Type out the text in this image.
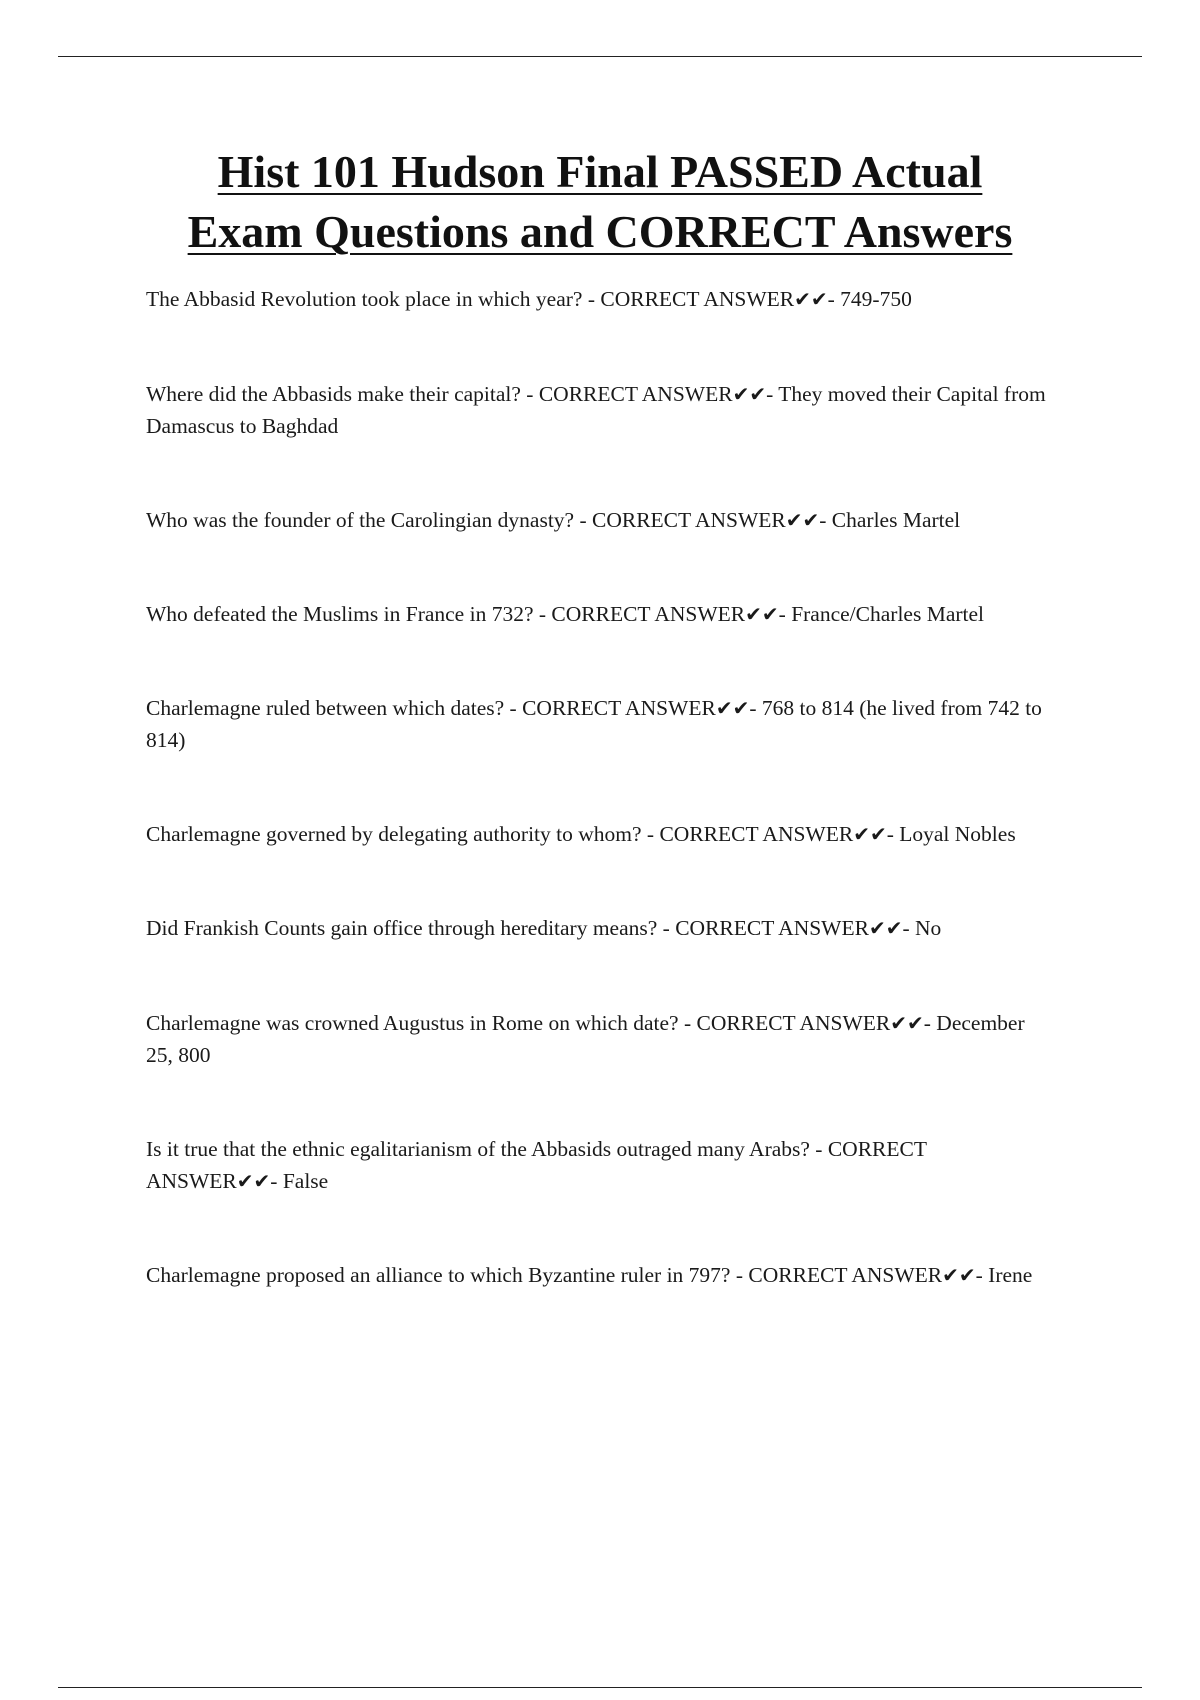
Hist 101 Hudson Final PASSED Actual
Exam Questions and CORRECT Answers
The Abbasid Revolution took place in which year? - CORRECT ANSWER✔✔- 749-750
Where did the Abbasids make their capital? - CORRECT ANSWER✔✔- They moved their Capital from Damascus to Baghdad
Who was the founder of the Carolingian dynasty? - CORRECT ANSWER✔✔- Charles Martel
Who defeated the Muslims in France in 732? - CORRECT ANSWER✔✔- France/Charles Martel
Charlemagne ruled between which dates? - CORRECT ANSWER✔✔- 768 to 814 (he lived from 742 to 814)
Charlemagne governed by delegating authority to whom? - CORRECT ANSWER✔✔- Loyal Nobles
Did Frankish Counts gain office through hereditary means? - CORRECT ANSWER✔✔- No
Charlemagne was crowned Augustus in Rome on which date? - CORRECT ANSWER✔✔- December 25, 800
Is it true that the ethnic egalitarianism of the Abbasids outraged many Arabs? - CORRECT ANSWER✔✔- False
Charlemagne proposed an alliance to which Byzantine ruler in 797? - CORRECT ANSWER✔✔- Irene
